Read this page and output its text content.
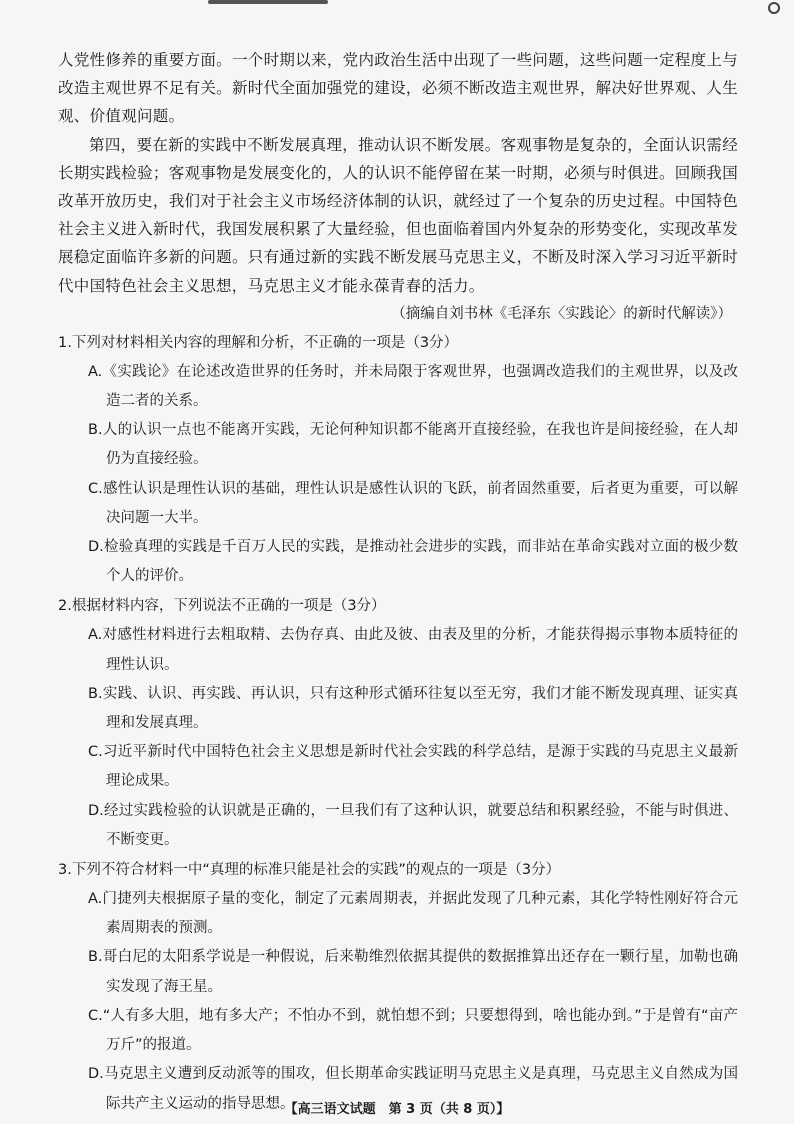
人党性修养的重要方面。一个时期以来，党内政治生活中出现了一些问题，这些问题一定程度上与改造主观世界不足有关。新时代全面加强党的建设，必须不断改造主观世界，解决好世界观、人生观、价值观问题。

第四，要在新的实践中不断发展真理，推动认识不断发展。客观事物是复杂的，全面认识需经长期实践检验；客观事物是发展变化的，人的认识不能停留在某一时期，必须与时俱进。回顾我国改革开放历史，我们对于社会主义市场经济体制的认识，就经过了一个复杂的历史过程。中国特色社会主义进入新时代，我国发展积累了大量经验，但也面临着国内外复杂的形势变化，实现改革发展稳定面临许多新的问题。只有通过新的实践不断发展马克思主义，不断及时深入学习习近平新时代中国特色社会主义思想，马克思主义才能永葆青春的活力。

（摘编自刘书林《毛泽东〈实践论〉的新时代解读》）

1.下列对材料相关内容的理解和分析，不正确的一项是（3分）

A.《实践论》在论述改造世界的任务时，并未局限于客观世界，也强调改造我们的主观世界，以及改造二者的关系。

B.人的认识一点也不能离开实践，无论何种知识都不能离开直接经验，在我也许是间接经验，在人却仍为直接经验。

C.感性认识是理性认识的基础，理性认识是感性认识的飞跃，前者固然重要，后者更为重要，可以解决问题一大半。

D.检验真理的实践是千百万人民的实践，是推动社会进步的实践，而非站在革命实践对立面的极少数个人的评价。

2.根据材料内容，下列说法不正确的一项是（3分）

A.对感性材料进行去粗取精、去伪存真、由此及彼、由表及里的分析，才能获得揭示事物本质特征的理性认识。

B.实践、认识、再实践、再认识，只有这种形式循环往复以至无穷，我们才能不断发现真理、证实真理和发展真理。

C.习近平新时代中国特色社会主义思想是新时代社会实践的科学总结，是源于实践的马克思主义最新理论成果。

D.经过实践检验的认识就是正确的，一旦我们有了这种认识，就要总结和积累经验，不能与时俱进、不断变更。

3.下列不符合材料一中“真理的标准只能是社会的实践”的观点的一项是（3分）

A.门捷列夫根据原子量的变化，制定了元素周期表，并据此发现了几种元素，其化学特性刚好符合元素周期表的预测。

B.哥白尼的太阳系学说是一种假说，后来勒维烈依据其提供的数据推算出还存在一颗行星，加勒也确实发现了海王星。

C.“人有多大胆，地有多大产；不怕办不到，就怕想不到；只要想得到，啥也能办到。”于是曾有“亩产万斤”的报道。

D.马克思主义遭到反动派等的围攻，但长期革命实践证明马克思主义是真理，马克思主义自然成为国际共产主义运动的指导思想。

【高三语文试题　第 3 页（共 8 页）】
